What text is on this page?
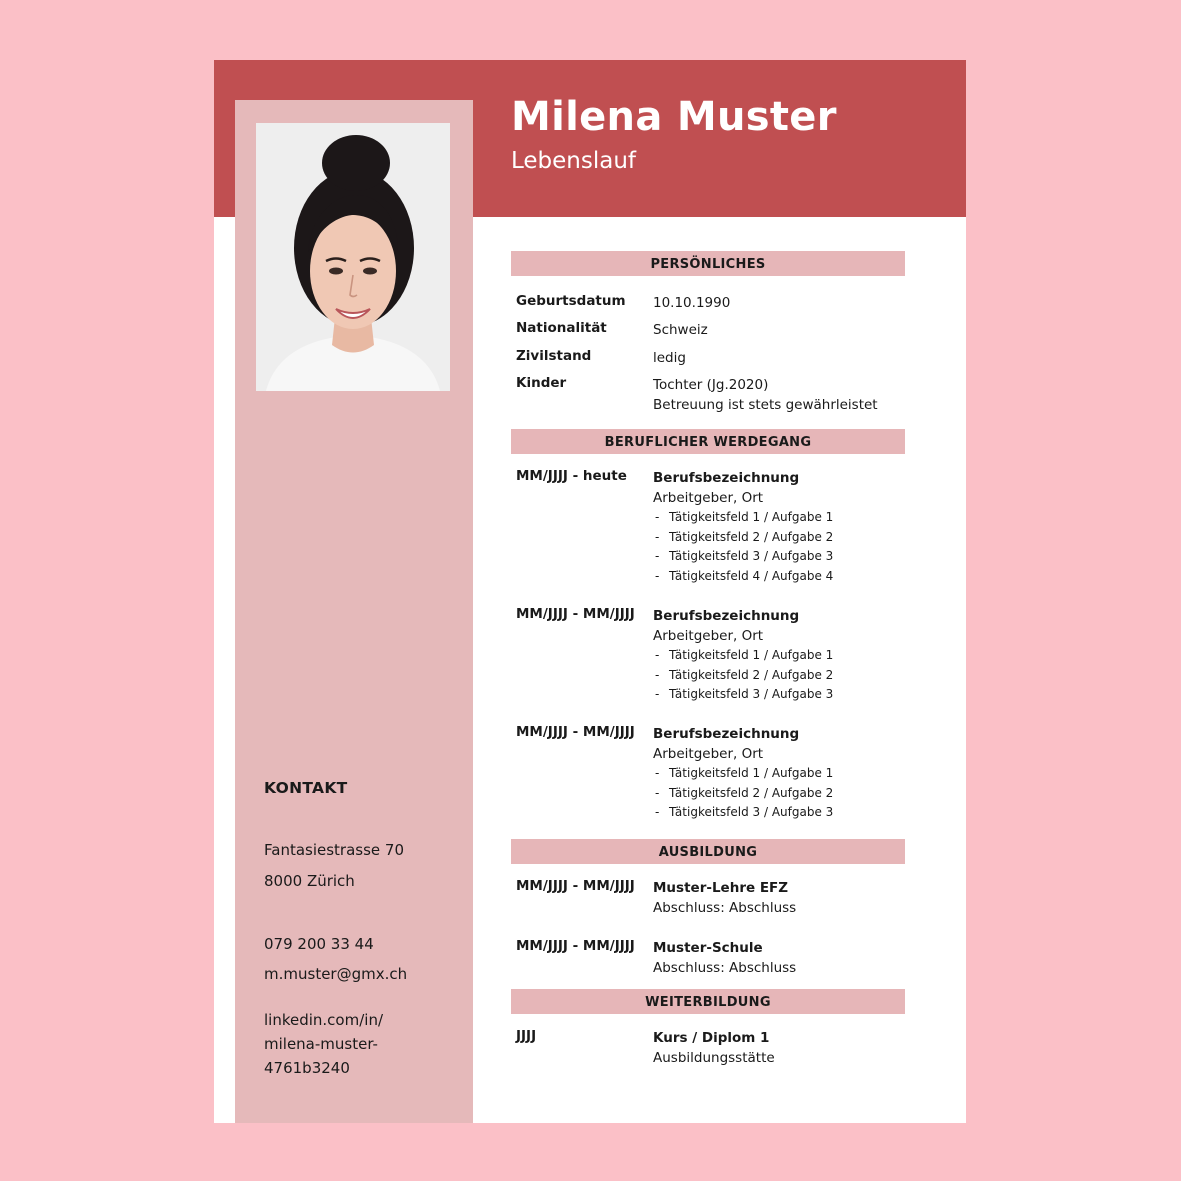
Milena Muster
Lebenslauf
KONTAKT
Fantasiestrasse 70
8000 Zürich
079 200 33 44
m.muster@gmx.ch
linkedin.com/in/
milena-muster-
4761b3240
PERSÖNLICHES
Geburtsdatum 10.10.1990
Nationalität	Schweiz
Zivilstand	ledig
Kinder	Tochter (Jg.2020)
Betreuung ist stets gewährleistet
BERUFLICHER WERDEGANG
MM/JJJJ - heute Berufsbezeichnung
Arbeitgeber, Ort
- Tätigkeitsfeld 1 / Aufgabe 1
- Tätigkeitsfeld 2 / Aufgabe 2
- Tätigkeitsfeld 3 / Aufgabe 3
- Tätigkeitsfeld 4 / Aufgabe 4
MM/JJJJ - MM/JJJJ Berufsbezeichnung
Arbeitgeber, Ort
- Tätigkeitsfeld 1 / Aufgabe 1
- Tätigkeitsfeld 2 / Aufgabe 2
- Tätigkeitsfeld 3 / Aufgabe 3
MM/JJJJ - MM/JJJJ Berufsbezeichnung
Arbeitgeber, Ort
- Tätigkeitsfeld 1 / Aufgabe 1
- Tätigkeitsfeld 2 / Aufgabe 2
- Tätigkeitsfeld 3 / Aufgabe 3
AUSBILDUNG
MM/JJJJ - MM/JJJJ Muster-Lehre EFZ
Abschluss: Abschluss
MM/JJJJ - MM/JJJJ Muster-Schule
Abschluss: Abschluss
WEITERBILDUNG
JJJJ	Kurs / Diplom 1
Ausbildungsstätte
